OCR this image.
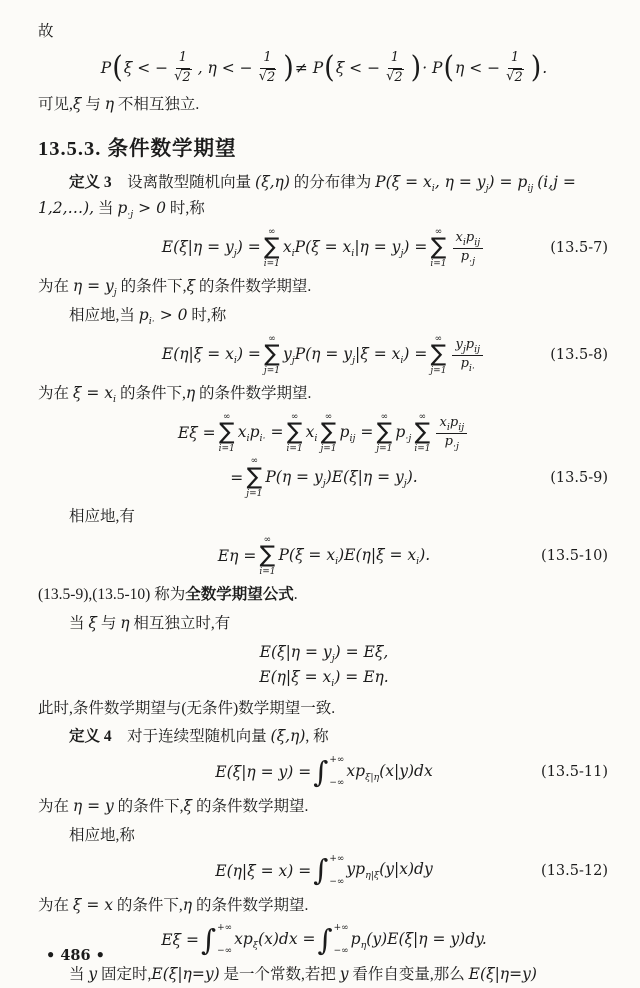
故
P ( ξ < − $\frac{1}{√ 2}$ , η < − $\frac{1}{√ 2}$ ) ≠ P ( ξ < − $\frac{1}{√ 2}$ ) · P ( η < − $\frac{1}{√ 2}$ ) .
可见,ξ 与 η 不相互独立.
13.5.3. 条件数学期望
定义 3　设离散型随机向量 (ξ,η) 的分布律为 $P(\xi = x_i$, $\eta = y_j) = p_{ij}$ (i,j = 1,2,…), 当 $p_{\cdot j} > 0$ 时,称
$E(\xi|\eta = y_j)$ =
∞
∑
i=1
$x_iP(\xi = x_i|\eta = y_j)$ =
∞
∑
$i=1 \frac{x_ip_{ij}}{p_{\cdot j}}$	(13.5-7)
为在 $\eta = y_j$ 的条件下,ξ 的条件数学期望.
相应地,当 $p_{i\cdot} > 0$ 时,称
$E(\eta|\xi = x_i)$ =
∞
∑
j=1
$y_jP(\eta = y_j|\xi = x_i)$ =
∞
∑
$j=1 \frac{y_jp_{ij}}{p_{i\cdot}}$	(13.5-8)
为在 $\xi = x_i$ 的条件下,η 的条件数学期望.
Eξ =
∞
∑
i=1
$x_ip_{i\cdot}$ =
∞
∑
i=1
$x_i$
∞
∑
j=1
$p_{ij}$ =
∞
∑
j=1
$p_{\cdot j}$
∞
∑
$i=1 \frac{x_ip_{ij}}{p_{\cdot j}}$
=
∞
∑
j=1
$P(\eta = y_j)E(\xi|\eta = y_j)$.	(13.5-9)
相应地,有
Eη =
∞
∑
i=1
$P(\xi = x_i)E(\eta|\xi = x_i)$.	(13.5-10)
(13.5-9),(13.5-10) 称为全数学期望公式.
当 ξ 与 η 相互独立时,有
$E(\xi|\eta = y_j) = E\xi$,
$E(\eta|\xi = x_i) = E\eta$.
此时,条件数学期望与(无条件)数学期望一致.
定义 4　对于连续型随机向量 (ξ,η), 称
E(ξ|η = y) = ∫ +∞
−∞
$xp_{\xi|\eta}(x|y)dx$	(13.5-11)
为在 η = y 的条件下,ξ 的条件数学期望.
相应地,称
E(η|ξ = x) = ∫ +∞
−∞
$yp_{\eta|\xi}(y|x)dy$	(13.5-12)
为在 ξ = x 的条件下,η 的条件数学期望.
Eξ = ∫ +∞
−∞
$xp_\xi(x)dx$ = ∫ +∞
−∞
$p_\eta(y)E(\xi|\eta = y)dy$.
当 y 固定时,E(ξ|η=y) 是一个常数,若把 y 看作自变量,那么 E(ξ|η=y)
• 486 •
